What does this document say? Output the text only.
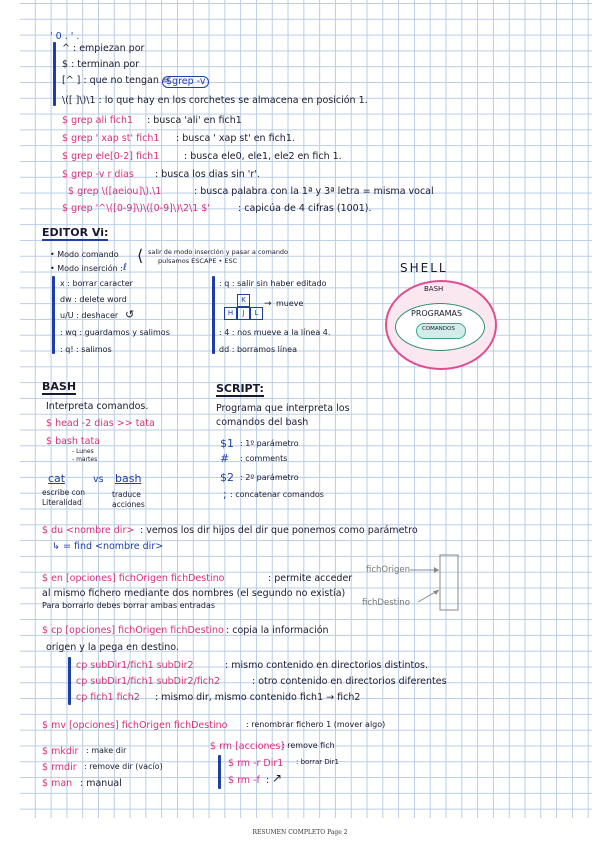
' 0 . ' .
^ : empiezan por
$ : terminan por
[^ ] : que no tengan =
$grep -v
\([ ]\)\1 : lo que hay en los corchetes se almacena en posición 1.
$ grep ali fich1 : busca 'ali' en fich1
$ grep ' xap st' fich1 : busca ' xap st' en fich1.
$ grep ele[0-2] fich1	: busca ele0, ele1, ele2 en fich 1.
$ grep -v r dias : busca los dias sin 'r'.
$ grep \([aeiou]\).\1	: busca palabra con la 1ª y 3ª letra = misma vocal
$ grep '^\([0-9]\)\([0-9]\)\2\1 $'	: capicúa de 4 cifras (1001).
EDITOR Vi:
• Modo comando
• Modo inserción : ℓ
⟨ salir de modo inserción y pasar a comando
pulsamos ESCAPE • ESC
x : borrar caracter
dw : delete word
u/U : deshacer ↺
: wq : guardamos y salimos
: q! : salimos
: q : salir sin haber editado
H	J
K
L
→ mueve
: 4 : nos mueve a la línea 4.
dd : borramos línea
SHELL
BASH
PROGRAMAS
COMANDOS
BASH
Interpreta comandos.
$ head -2 dias >> tata
$ bash tata
- Lunes
- martes
cat	vs bash
escribe con
Literalidad
traduce
acciones
SCRIPT:
Programa que interpreta los
comandos del bash
$1 : 1º parámetro
# : comments
$2 : 2º parámetro
; : concatenar comandos
$ du <nombre dir> : vemos los dir hijos del dir que ponemos como parámetro
↳ = find <nombre dir>
$ en [opciones] fichOrigen fichDestino	: permite acceder
al mismo fichero mediante dos nombres (el segundo no existía)
Para borrarlo debes borrar ambas entradas
fichOrigen
fichDestino
$ cp [opciones] fichOrigen fichDestino : copia la información
origen y la pega en destino.
cp subDir1/fich1 subDir2	: mismo contenido en directorios distintos.
cp subDir1/fich1 subDir2/fich2	: otro contenido en directorios diferentes
cp fich1 fich2 : mismo dir, mismo contenido fich1 → fich2
$ mv [opciones] fichOrigen fichDestino : renombrar fichero 1 (mover algo)
$ mkdir : make dir
$ rmdir : remove dir (vacío)
$ man : manual
$ rm [acciones]
: remove fich
$ rm -r Dir1 : borrar Dir1
$ rm -f : ↗
RESUMEN COMPLETO Page 2
